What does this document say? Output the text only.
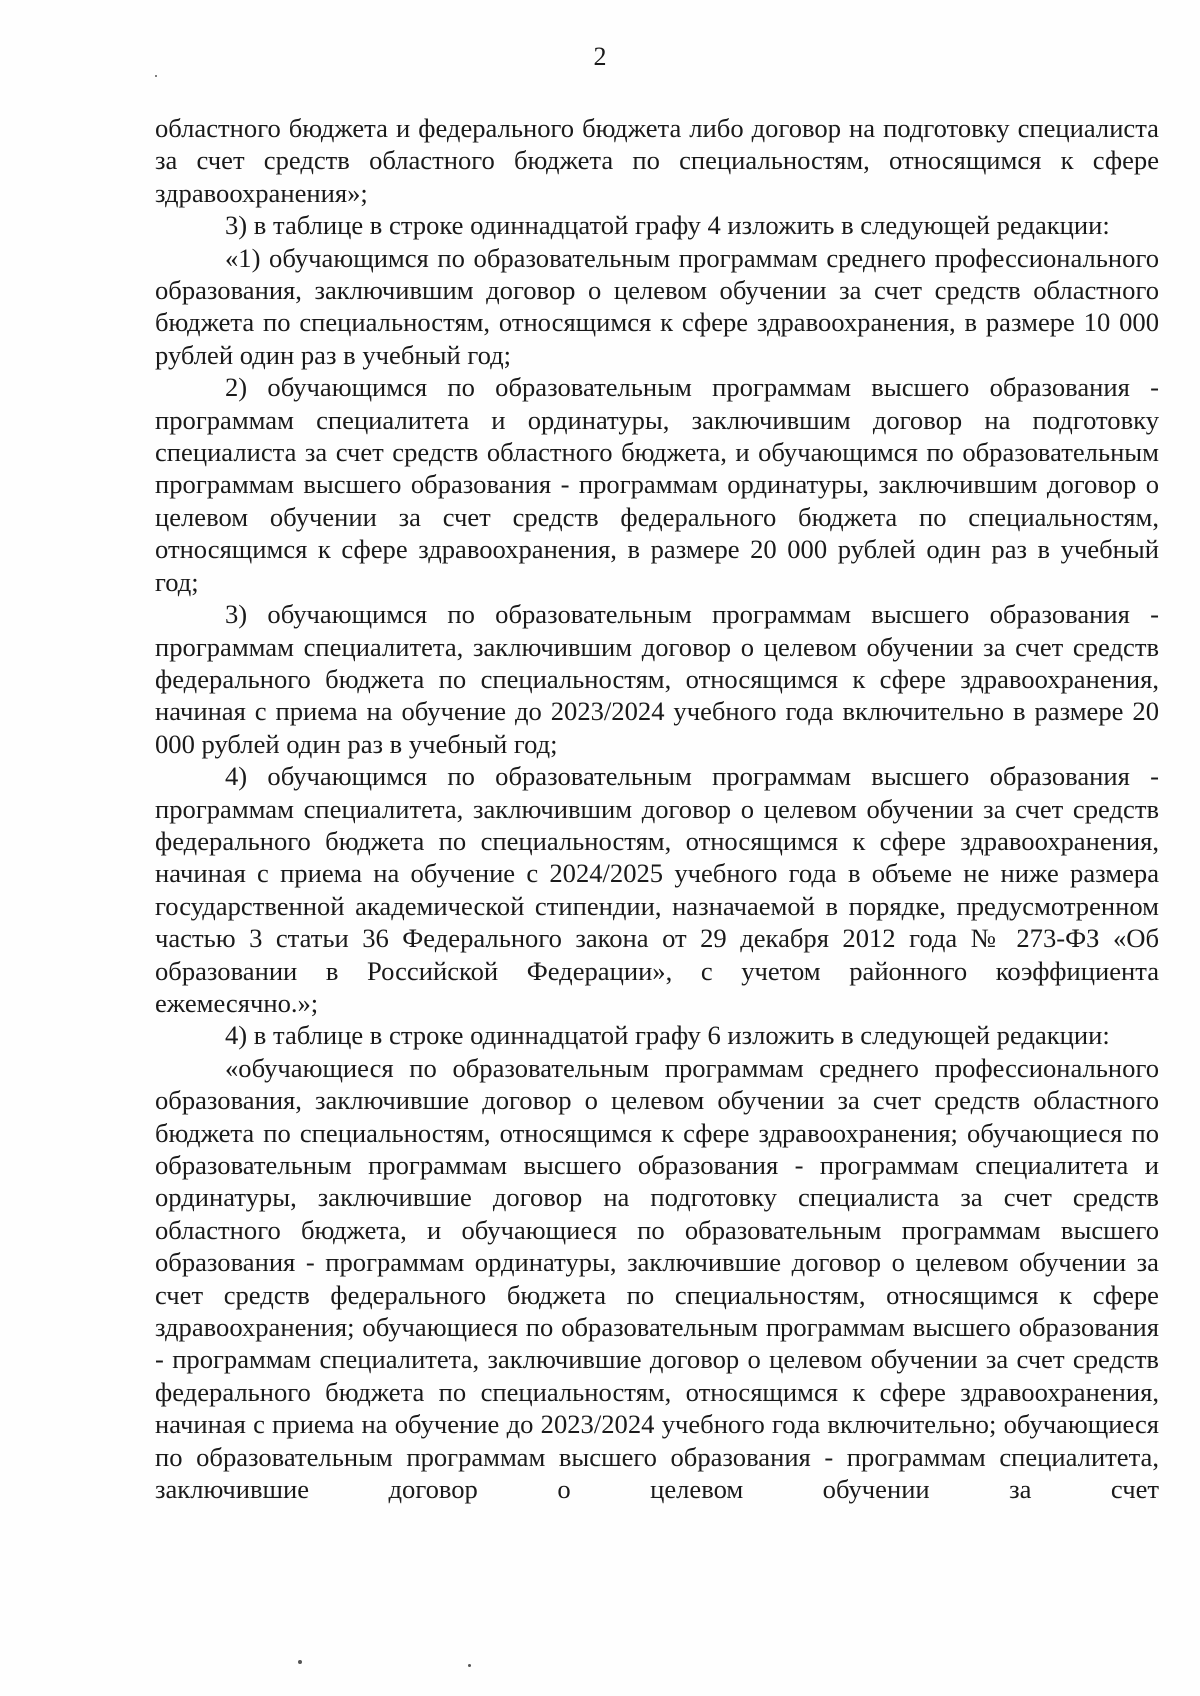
2

областного бюджета и федерального бюджета либо договор на подготовку специалиста за счет средств областного бюджета по специальностям, относящимся к сфере здравоохранения»;

3) в таблице в строке одиннадцатой графу 4 изложить в следующей редакции:

«1) обучающимся по образовательным программам среднего профессионального образования, заключившим договор о целевом обучении за счет средств областного бюджета по специальностям, относящимся к сфере здравоохранения, в размере 10 000 рублей один раз в учебный год;

2) обучающимся по образовательным программам высшего образования - программам специалитета и ординатуры, заключившим договор на подготовку специалиста за счет средств областного бюджета, и обучающимся по образовательным программам высшего образования - программам ординатуры, заключившим договор о целевом обучении за счет средств федерального бюджета по специальностям, относящимся к сфере здравоохранения, в размере 20 000 рублей один раз в учебный год;

3) обучающимся по образовательным программам высшего образования - программам специалитета, заключившим договор о целевом обучении за счет средств федерального бюджета по специальностям, относящимся к сфере здравоохранения, начиная с приема на обучение до 2023/2024 учебного года включительно в размере 20 000 рублей один раз в учебный год;

4) обучающимся по образовательным программам высшего образования - программам специалитета, заключившим договор о целевом обучении за счет средств федерального бюджета по специальностям, относящимся к сфере здравоохранения, начиная с приема на обучение с 2024/2025 учебного года в объеме не ниже размера государственной академической стипендии, назначаемой в порядке, предусмотренном частью 3 статьи 36 Федерального закона от 29 декабря 2012 года № 273-ФЗ «Об образовании в Российской Федерации», с учетом районного коэффициента ежемесячно.»;

4) в таблице в строке одиннадцатой графу 6 изложить в следующей редакции:

«обучающиеся по образовательным программам среднего профессионального образования, заключившие договор о целевом обучении за счет средств областного бюджета по специальностям, относящимся к сфере здравоохранения; обучающиеся по образовательным программам высшего образования - программам специалитета и ординатуры, заключившие договор на подготовку специалиста за счет средств областного бюджета, и обучающиеся по образовательным программам высшего образования - программам ординатуры, заключившие договор о целевом обучении за счет средств федерального бюджета по специальностям, относящимся к сфере здравоохранения; обучающиеся по образовательным программам высшего образования - программам специалитета, заключившие договор о целевом обучении за счет средств федерального бюджета по специальностям, относящимся к сфере здравоохранения, начиная с приема на обучение до 2023/2024 учебного года включительно; обучающиеся по образовательным программам высшего образования - программам специалитета, заключившие договор о целевом обучении за счет
